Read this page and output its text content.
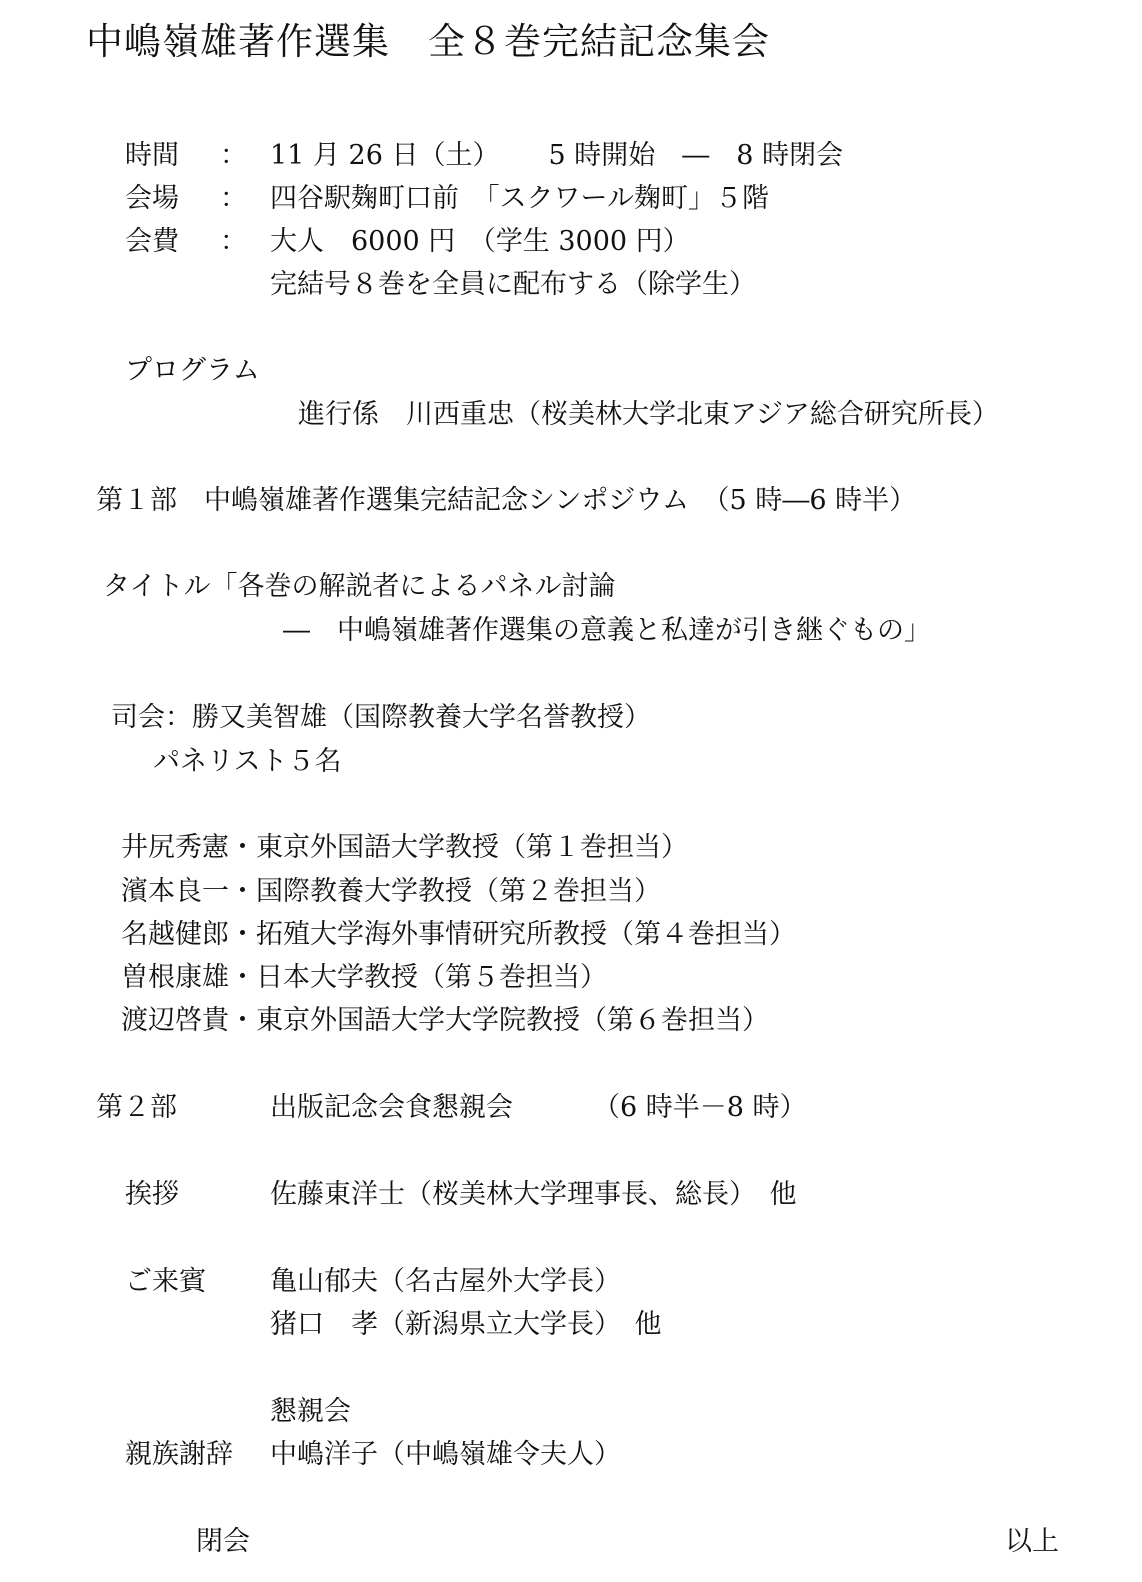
中嶋嶺雄著作選集　全８巻完結記念集会
時間 ： 11 月 26 日（土）　　 5 時開始　―　8 時閉会
会場 ： 四谷駅麹町口前　「スクワール麹町」５階
会費 ： 大人　6000 円　（学生 3000 円）
完結号８巻を全員に配布する（除学生）
プログラム
進行係　川西重忠（桜美林大学北東アジア総合研究所長）
第１部　中嶋嶺雄著作選集完結記念シンポジウム　（5 時―6 時半）
タイトル「各巻の解説者によるパネル討論
―　中嶋嶺雄著作選集の意義と私達が引き継ぐもの」
司会：勝又美智雄（国際教養大学名誉教授）
パネリスト５名
井尻秀憲・東京外国語大学教授（第１巻担当）
濱本良一・国際教養大学教授（第２巻担当）
名越健郎・拓殖大学海外事情研究所教授（第４巻担当）
曽根康雄・日本大学教授（第５巻担当）
渡辺啓貴・東京外国語大学大学院教授（第６巻担当）
第２部	出版記念会食懇親会	（6 時半－8 時）
挨拶	佐藤東洋士（桜美林大学理事長、総長）　他
ご来賓 亀山郁夫（名古屋外大学長）
猪口　孝（新潟県立大学長）　他
懇親会
親族謝辞 中嶋洋子（中嶋嶺雄令夫人）
閉会	以上
